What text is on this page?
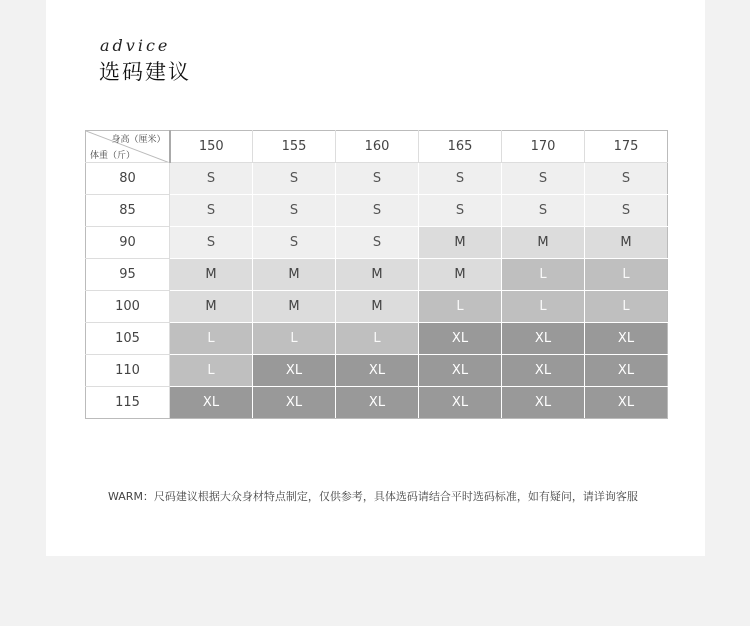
advice
选码建议
身高（厘米）
体重（斤）	150	155	160	165	170	175
80	S	S	S	S	S	S
85	S	S	S	S	S	S
90	S	S	S	M	M	M
95	M	M	M	M	L	L
100	M	M	M	L	L	L
105	L	L	L	XL	XL	XL
110	L	XL	XL	XL	XL	XL
115	XL	XL	XL	XL	XL	XL
WARM：尺码建议根据大众身材特点制定，仅供参考，具体选码请结合平时选码标准，如有疑问，请详询客服
